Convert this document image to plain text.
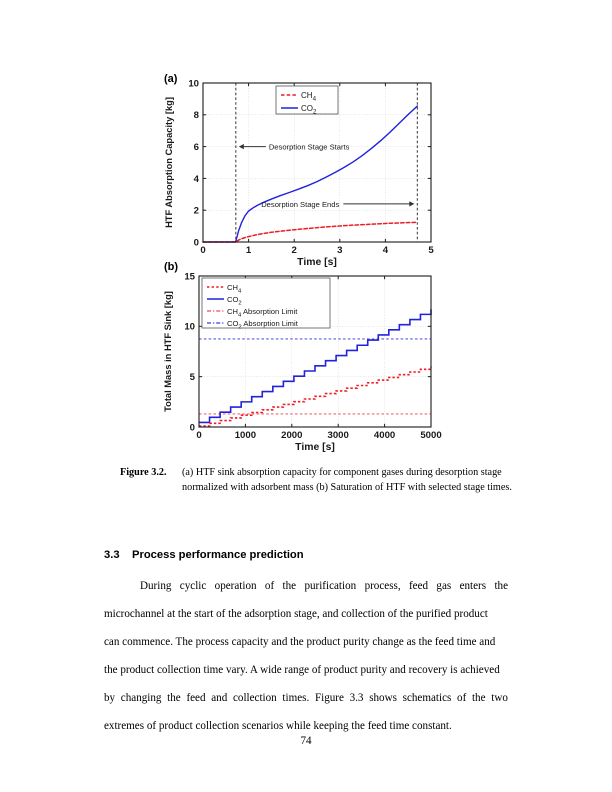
(a)
0	1	2	3	4	5
0
2
4
6
8
10
Time [s]
HTF Absorption Capacity [kg]	Desorption Stage Starts
Desorption Stage Ends
$CH_4$
$CO_2$
(b)
0	1000	2000	3000	4000	5000
0
5
10
15
Time [s]
Total Mass in HTF Sink [kg]
$CH_4$
$CO_2$
$CH_4$ Absorption Limit
$CO_2$ Absorption Limit
Figure 3.2.	(a) HTF sink absorption capacity for component gases during desorption stage normalized with adsorbent mass (b) Saturation of HTF with selected stage times.
3.3 Process performance prediction
During cyclic operation of the purification process, feed gas enters the
microchannel at the start of the adsorption stage, and collection of the purified product
can commence. The process capacity and the product purity change as the feed time and
the product collection time vary. A wide range of product purity and recovery is achieved
by changing the feed and collection times. Figure 3.3 shows schematics of the two
extremes of product collection scenarios while keeping the feed time constant.
74
